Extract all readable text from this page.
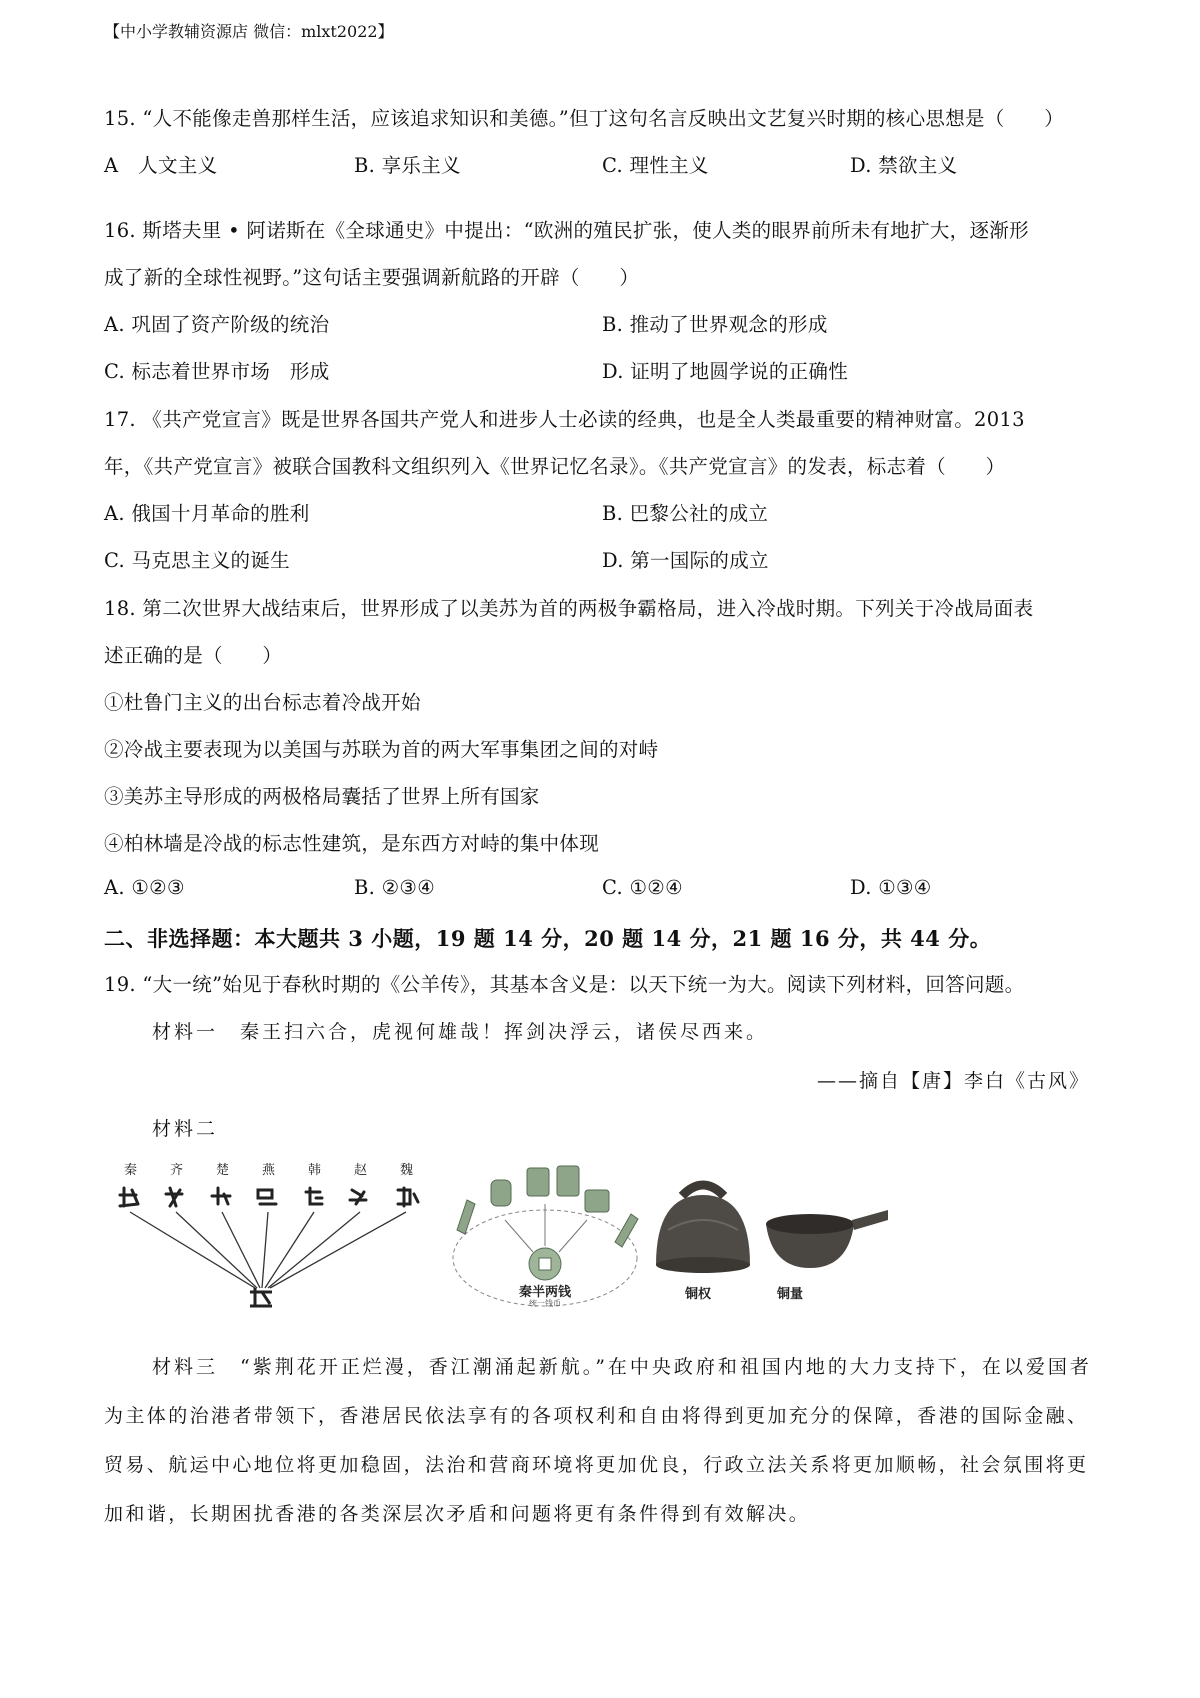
【中小学教辅资源店 微信：mlxt2022】
15. “人不能像走兽那样生活，应该追求知识和美德。”但丁这句名言反映出文艺复兴时期的核心思想是（　　）
A　人文主义	B. 享乐主义	C. 理性主义	D. 禁欲主义
16. 斯塔夫里 • 阿诺斯在《全球通史》中提出：“欧洲的殖民扩张，使人类的眼界前所未有地扩大，逐渐形
成了新的全球性视野。”这句话主要强调新航路的开辟（　　）
A. 巩固了资产阶级的统治	B. 推动了世界观念的形成
C. 标志着世界市场　形成	D. 证明了地圆学说的正确性
17. 《共产党宣言》既是世界各国共产党人和进步人士必读的经典，也是全人类最重要的精神财富。2013
年，《共产党宣言》被联合国教科文组织列入《世界记忆名录》。《共产党宣言》的发表，标志着（　　）
A. 俄国十月革命的胜利	B. 巴黎公社的成立
C. 马克思主义的诞生	D. 第一国际的成立
18. 第二次世界大战结束后，世界形成了以美苏为首的两极争霸格局，进入冷战时期。下列关于冷战局面表
述正确的是（　　）
①杜鲁门主义的出台标志着冷战开始
②冷战主要表现为以美国与苏联为首的两大军事集团之间的对峙
③美苏主导形成的两极格局囊括了世界上所有国家
④柏林墙是冷战的标志性建筑，是东西方对峙的集中体现
A. ①②③	B. ②③④	C. ①②④	D. ①③④
二、非选择题：本大题共 3 小题，19 题 14 分，20 题 14 分，21 题 16 分，共 44 分。
19. “大一统”始见于春秋时期的《公羊传》，其基本含义是：以天下统一为大。阅读下列材料，回答问题。
材料一　秦王扫六合，虎视何雄哉！挥剑决浮云，诸侯尽西来。
——摘自【唐】李白《古风》
材料二
秦	齐	楚	燕	韩	赵	魏
秦半两钱
统一钱币
铜权	铜量
材料三　“紫荆花开正烂漫，香江潮涌起新航。”在中央政府和祖国内地的大力支持下，在以爱国者
为主体的治港者带领下，香港居民依法享有的各项权利和自由将得到更加充分的保障，香港的国际金融、
贸易、航运中心地位将更加稳固，法治和营商环境将更加优良，行政立法关系将更加顺畅，社会氛围将更
加和谐，长期困扰香港的各类深层次矛盾和问题将更有条件得到有效解决。
